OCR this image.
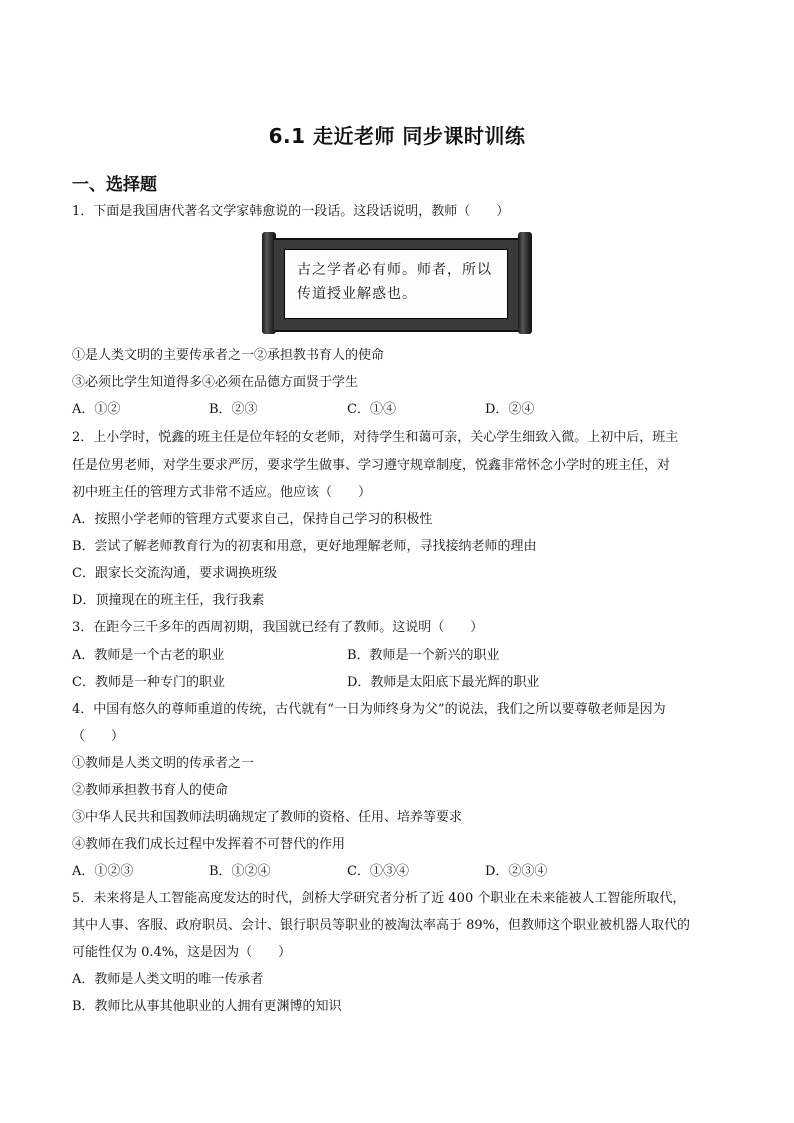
6.1 走近老师 同步课时训练
一、选择题
1．下面是我国唐代著名文学家韩愈说的一段话。这段话说明，教师（　　）
古之学者必有师。师者，所以传道授业解惑也。
①是人类文明的主要传承者之一②承担教书育人的使命
③必须比学生知道得多④必须在品德方面贤于学生
A．①②	B．②③	C．①④	D．②④
2．上小学时，悦鑫的班主任是位年轻的女老师，对待学生和蔼可亲，关心学生细致入微。上初中后，班主
任是位男老师，对学生要求严厉，要求学生做事、学习遵守规章制度，悦鑫非常怀念小学时的班主任，对
初中班主任的管理方式非常不适应。他应该（　　）
A．按照小学老师的管理方式要求自己，保持自己学习的积极性
B．尝试了解老师教育行为的初衷和用意，更好地理解老师，寻找接纳老师的理由
C．跟家长交流沟通，要求调换班级
D．顶撞现在的班主任，我行我素
3．在距今三千多年的西周初期，我国就已经有了教师。这说明（　　）
A．教师是一个古老的职业	B．教师是一个新兴的职业
C．教师是一种专门的职业	D．教师是太阳底下最光辉的职业
4．中国有悠久的尊师重道的传统，古代就有“一日为师终身为父”的说法，我们之所以要尊敬老师是因为
（　　）
①教师是人类文明的传承者之一
②教师承担教书育人的使命
③中华人民共和国教师法明确规定了教师的资格、任用、培养等要求
④教师在我们成长过程中发挥着不可替代的作用
A．①②③	B．①②④	C．①③④	D．②③④
5．未来将是人工智能高度发达的时代，剑桥大学研究者分析了近 400 个职业在未来能被人工智能所取代，
其中人事、客服、政府职员、会计、银行职员等职业的被淘汰率高于 89%，但教师这个职业被机器人取代的
可能性仅为 0.4%，这是因为（　　）
A．教师是人类文明的唯一传承者
B．教师比从事其他职业的人拥有更渊博的知识
